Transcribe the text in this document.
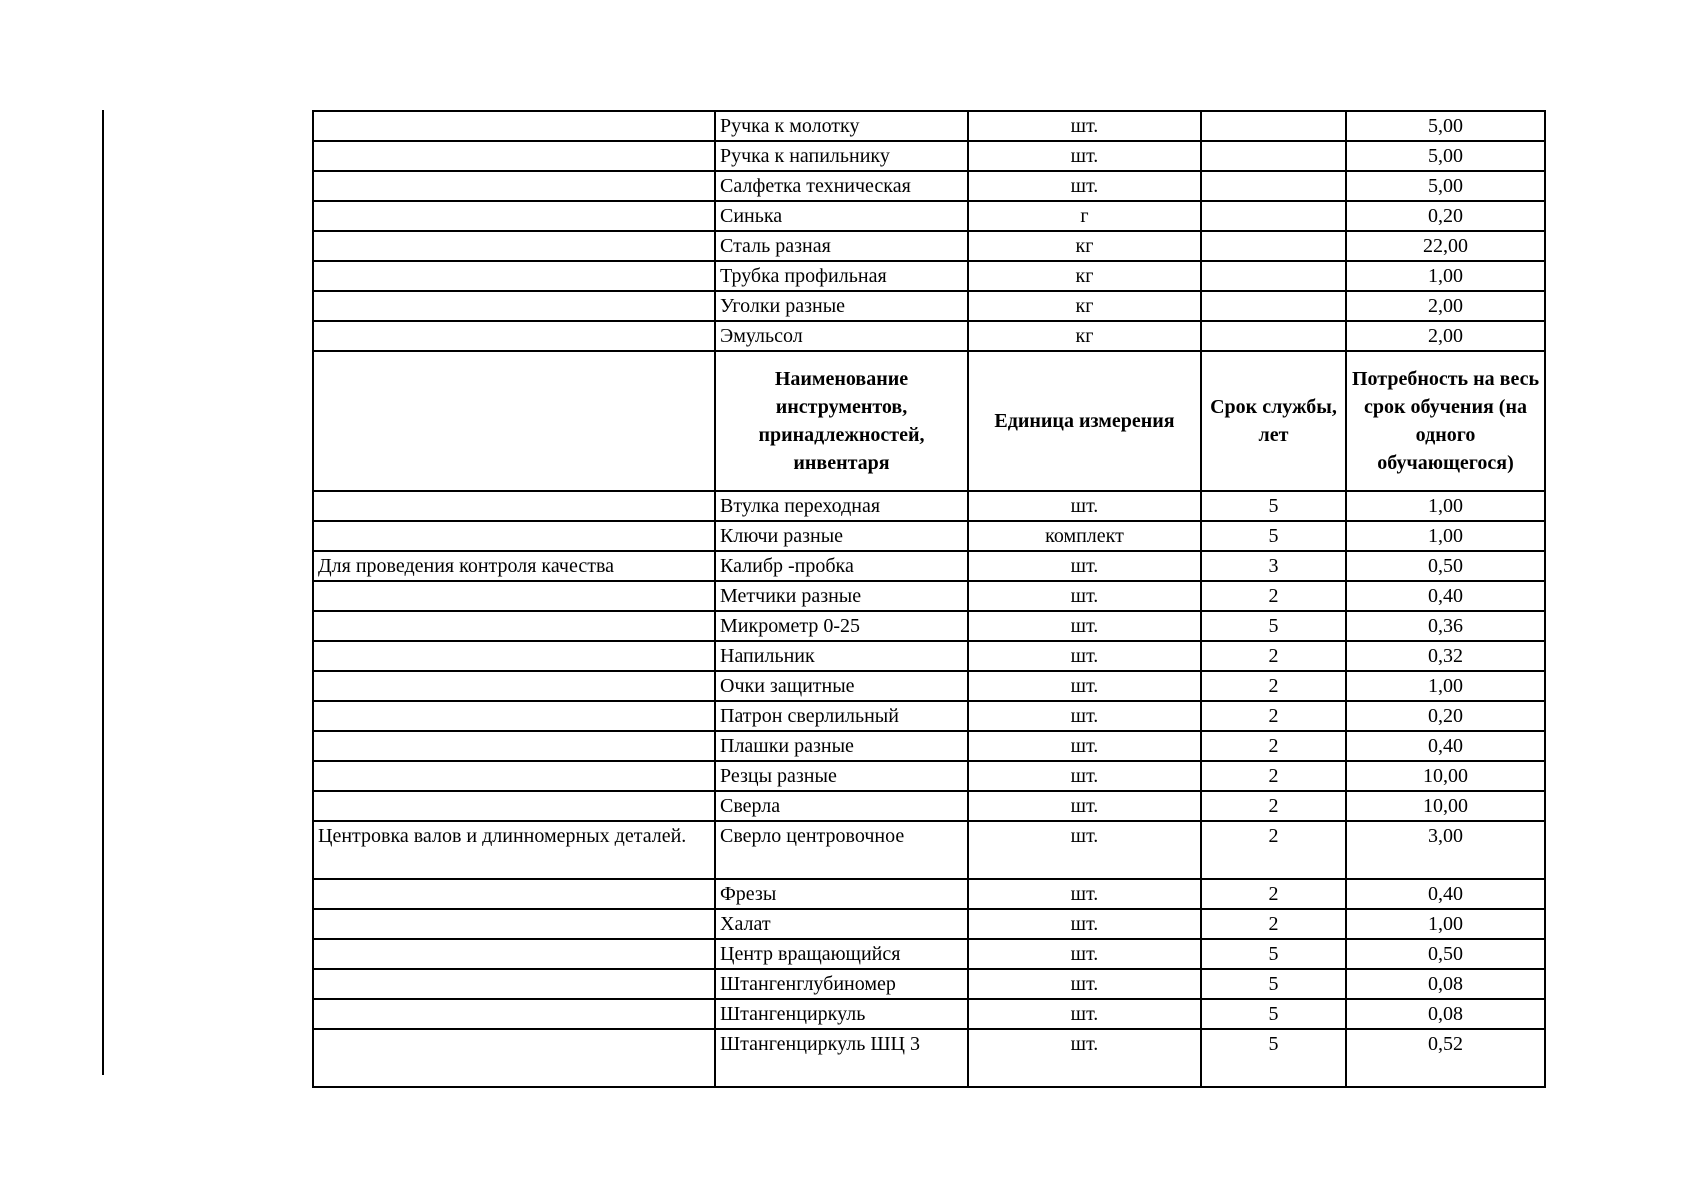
	Ручка к молотку	шт.		5,00
	Ручка к напильнику	шт.		5,00
	Салфетка техническая	шт.		5,00
	Синька	г		0,20
	Сталь разная	кг		22,00
	Трубка профильная	кг		1,00
	Уголки разные	кг		2,00
	Эмульсол	кг		2,00
	Наименование инструментов, принадлежностей, инвентаря	Единица измерения	Срок службы, лет	Потребность на весь срок обучения (на одного обучающегося)
	Втулка переходная	шт.	5	1,00
	Ключи разные	комплект	5	1,00
Для проведения контроля качества	Калибр -пробка	шт.	3	0,50
	Метчики разные	шт.	2	0,40
	Микрометр 0-25	шт.	5	0,36
	Напильник	шт.	2	0,32
	Очки защитные	шт.	2	1,00
	Патрон сверлильный	шт.	2	0,20
	Плашки разные	шт.	2	0,40
	Резцы разные	шт.	2	10,00
	Сверла	шт.	2	10,00
Центровка валов и длинномерных деталей.	Сверло центровочное	шт.	2	3,00
	Фрезы	шт.	2	0,40
	Халат	шт.	2	1,00
	Центр вращающийся	шт.	5	0,50
	Штангенглубиномер	шт.	5	0,08
	Штангенциркуль	шт.	5	0,08
	Штангенциркуль ШЦ 3	шт.	5	0,52
